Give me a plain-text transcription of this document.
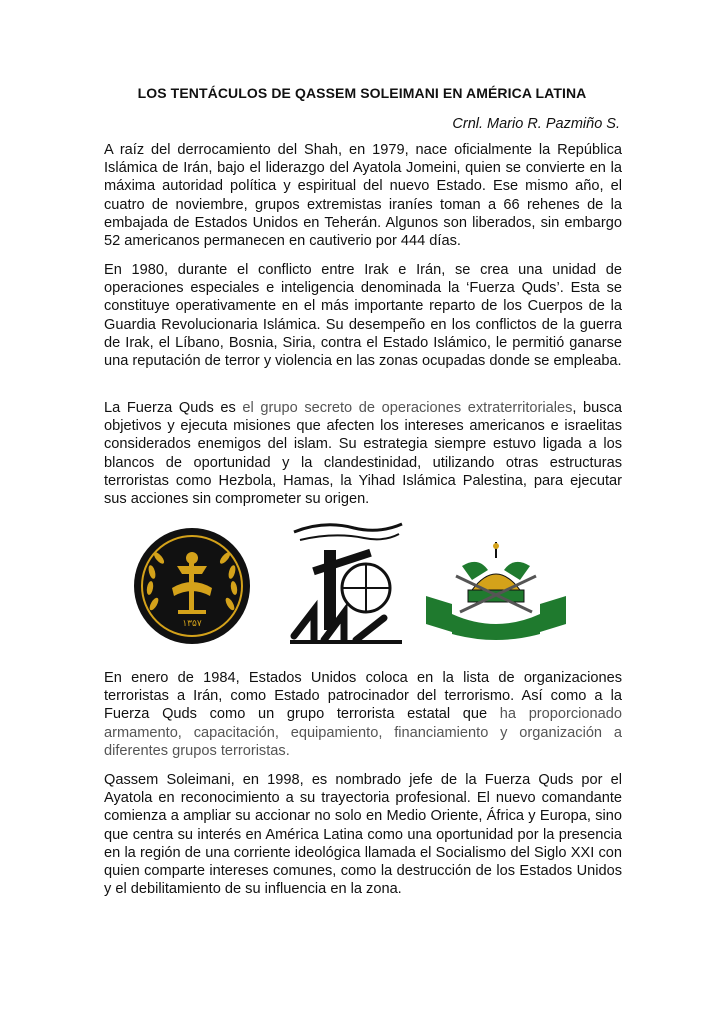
LOS TENTÁCULOS DE QASSEM SOLEIMANI EN AMÉRICA LATINA
Crnl. Mario R. Pazmiño S.

A raíz del derrocamiento del Shah, en 1979, nace oficialmente la República Islámica de Irán, bajo el liderazgo del Ayatola Jomeini, quien se convierte en la máxima autoridad política y espiritual del nuevo Estado. Ese mismo año, el cuatro de noviembre, grupos extremistas iraníes toman a 66 rehenes de la embajada de Estados Unidos en Teherán. Algunos son liberados, sin embargo 52 americanos permanecen en cautiverio por 444 días.

En 1980, durante el conflicto entre Irak e Irán, se crea una unidad de operaciones especiales e inteligencia denominada la ‘Fuerza Quds’. Esta se constituye operativamente en el más importante reparto de los Cuerpos de la Guardia Revolucionaria Islámica. Su desempeño en los conflictos de la guerra de Irak, el Líbano, Bosnia, Siria, contra el Estado Islámico, le permitió ganarse una reputación de terror y violencia en las zonas ocupadas donde se empleaba.

La Fuerza Quds es el grupo secreto de operaciones extraterritoriales, busca objetivos y ejecuta misiones que afecten los intereses americanos e israelitas considerados enemigos del islam. Su estrategia siempre estuvo ligada a los blancos de oportunidad y la clandestinidad, utilizando otras estructuras terroristas como Hezbola, Hamas, la Yihad Islámica Palestina, para ejecutar sus acciones sin comprometer su origen.

۱۳۵۷

En enero de 1984, Estados Unidos coloca en la lista de organizaciones terroristas a Irán, como Estado patrocinador del terrorismo. Así como a la Fuerza Quds como un grupo terrorista estatal que ha proporcionado armamento, capacitación, equipamiento, financiamiento y organización a diferentes grupos terroristas.

Qassem Soleimani, en 1998, es nombrado jefe de la Fuerza Quds por el Ayatola en reconocimiento a su trayectoria profesional. El nuevo comandante comienza a ampliar su accionar no solo en Medio Oriente, África y Europa, sino que centra su interés en América Latina como una oportunidad por la presencia en la región de una corriente ideológica llamada el Socialismo del Siglo XXI con quien comparte intereses comunes, como la destrucción de los Estados Unidos y el debilitamiento de su influencia en la zona.
